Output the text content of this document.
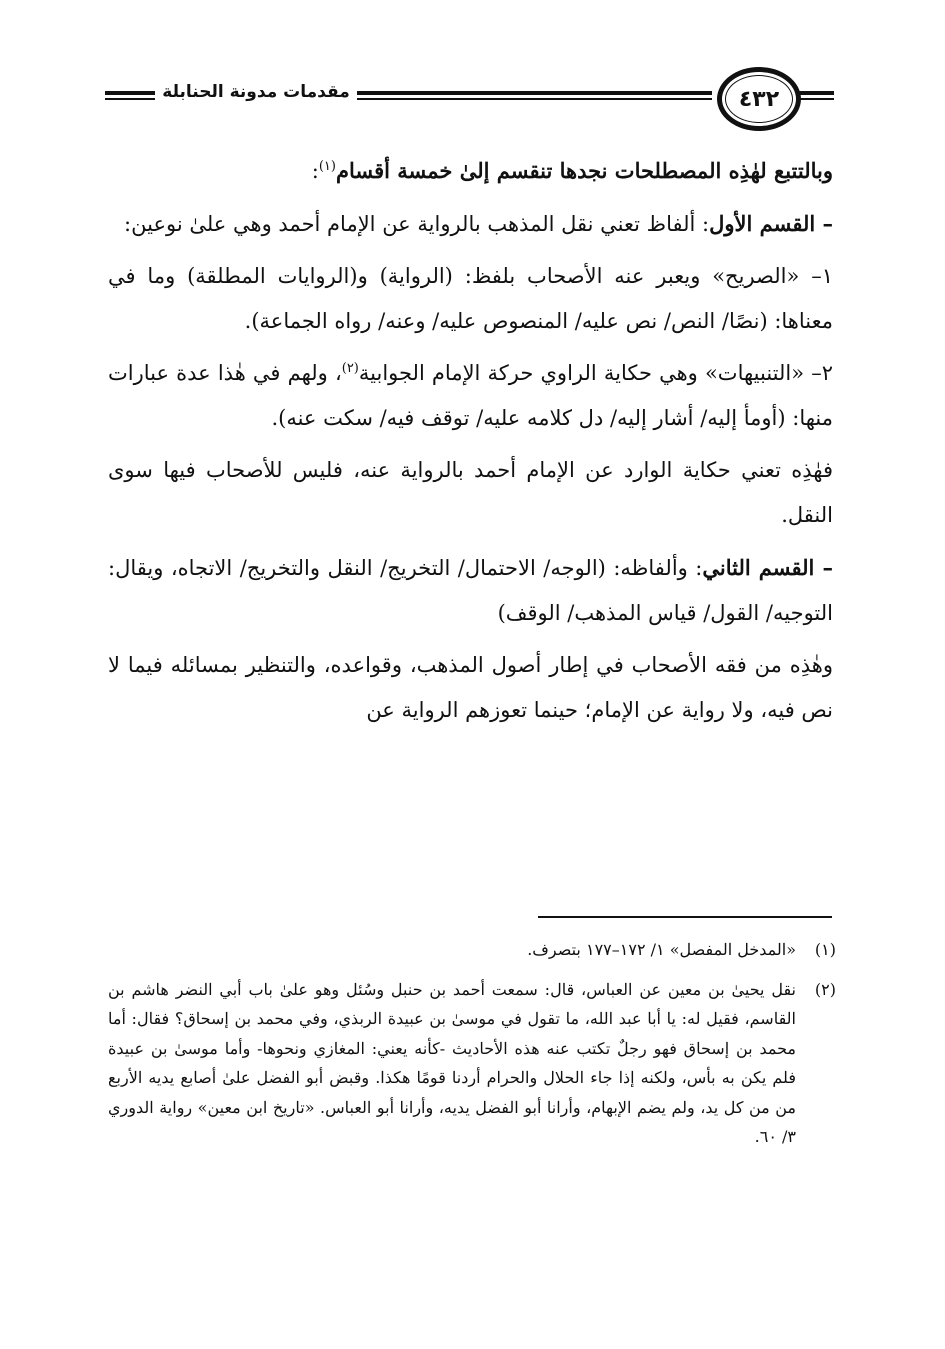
مقدمات مدونة الحنابلة	٤٣٢

وبالتتبع لهٰذِه المصطلحات نجدها تنقسم إلىٰ خمسة أقسام$^{(١)}$:

– القسم الأول: ألفاظ تعني نقل المذهب بالرواية عن الإمام أحمد وهي علىٰ نوعين:

١– «الصريح» ويعبر عنه الأصحاب بلفظ: (الرواية) و(الروايات المطلقة) وما في معناها: (نصًا/ النص/ نص عليه/ المنصوص عليه/ وعنه/ رواه الجماعة).

٢– «التنبيهات» وهي حكاية الراوي حركة الإمام الجوابية$^{(٢)}$، ولهم في هٰذا عدة عبارات منها: (أومأ إليه/ أشار إليه/ دل كلامه عليه/ توقف فيه/ سكت عنه).

فهٰذِه تعني حكاية الوارد عن الإمام أحمد بالرواية عنه، فليس للأصحاب فيها سوى النقل.

– القسم الثاني: وألفاظه: (الوجه/ الاحتمال/ التخريج/ النقل والتخريج/ الاتجاه، ويقال: التوجيه/ القول/ قياس المذهب/ الوقف)

وهٰذِه من فقه الأصحاب في إطار أصول المذهب، وقواعده، والتنظير بمسائله فيما لا نص فيه، ولا رواية عن الإمام؛ حينما تعوزهم الرواية عن

(١)
«المدخل المفصل» ١/ ١٧٢–١٧٧ بتصرف.
(٢)
نقل يحيىٰ بن معين عن العباس، قال: سمعت أحمد بن حنبل وسُئل وهو علىٰ باب أبي النضر هاشم بن القاسم، فقيل له: يا أبا عبد الله، ما تقول في موسىٰ بن عبيدة الربذي، وفي محمد بن إسحاق؟ فقال: أما محمد بن إسحاق فهو رجلٌ تكتب عنه هذه الأحاديث -كأنه يعني: المغازي ونحوها- وأما موسىٰ بن عبيدة فلم يكن به بأس، ولكنه إذا جاء الحلال والحرام أردنا قومًا هكذا. وقبض أبو الفضل علىٰ أصابع يديه الأربع من من كل يد، ولم يضم الإبهام، وأرانا أبو الفضل يديه، وأرانا أبو العباس. «تاريخ ابن معين» رواية الدوري ٣/ ٦٠.
